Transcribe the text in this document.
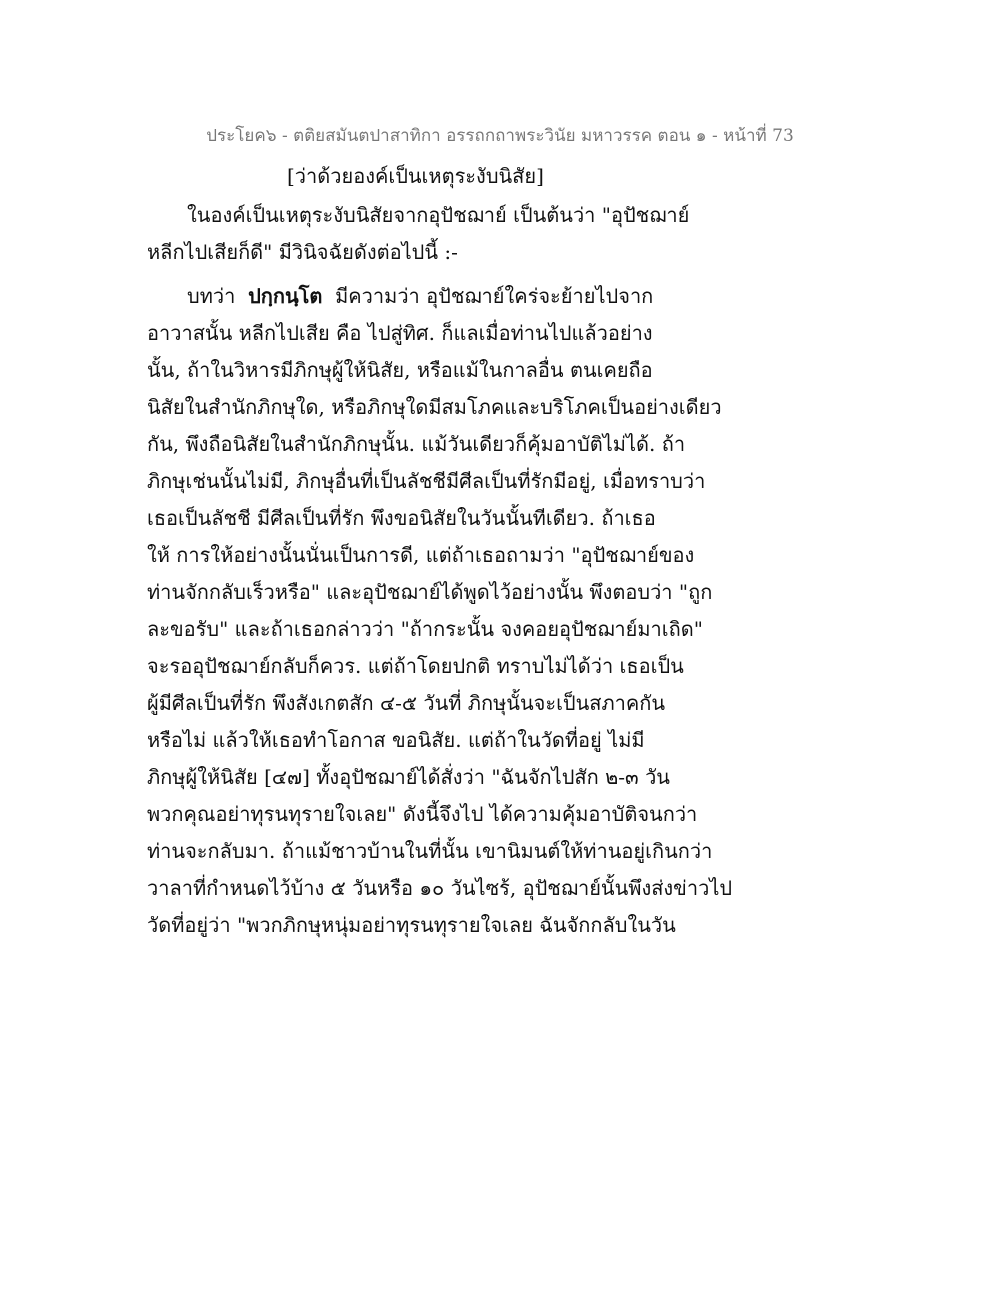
ประโยค๖ - ตติยสมันตปาสาทิกา อรรถกถาพระวินัย มหาวรรค ตอน ๑ - หน้าที่ 73
[ว่าด้วยองค์เป็นเหตุระงับนิสัย]
ในองค์เป็นเหตุระงับนิสัยจากอุปัชฌาย์ เป็นต้นว่า "อุปัชฌาย์
หลีกไปเสียก็ดี" มีวินิจฉัยดังต่อไปนี้ :-
บทว่า ปกฺกนฺโต มีความว่า อุปัชฌาย์ใคร่จะย้ายไปจาก
อาวาสนั้น หลีกไปเสีย คือ ไปสู่ทิศ. ก็แลเมื่อท่านไปแล้วอย่าง
นั้น, ถ้าในวิหารมีภิกษุผู้ให้นิสัย, หรือแม้ในกาลอื่น ตนเคยถือ
นิสัยในสำนักภิกษุใด, หรือภิกษุใดมีสมโภคและบริโภคเป็นอย่างเดียว
กัน, พึงถือนิสัยในสำนักภิกษุนั้น. แม้วันเดียวก็คุ้มอาบัติไม่ได้. ถ้า
ภิกษุเช่นนั้นไม่มี, ภิกษุอื่นที่เป็นลัชชีมีศีลเป็นที่รักมีอยู่, เมื่อทราบว่า
เธอเป็นลัชชี มีศีลเป็นที่รัก พึงขอนิสัยในวันนั้นทีเดียว. ถ้าเธอ
ให้ การให้อย่างนั้นนั่นเป็นการดี, แต่ถ้าเธอถามว่า "อุปัชฌาย์ของ
ท่านจักกลับเร็วหรือ" และอุปัชฌาย์ได้พูดไว้อย่างนั้น พึงตอบว่า "ถูก
ละขอรับ" และถ้าเธอกล่าวว่า "ถ้ากระนั้น จงคอยอุปัชฌาย์มาเถิด"
จะรออุปัชฌาย์กลับก็ควร. แต่ถ้าโดยปกติ ทราบไม่ได้ว่า เธอเป็น
ผู้มีศีลเป็นที่รัก พึงสังเกตสัก ๔-๕ วันที่ ภิกษุนั้นจะเป็นสภาคกัน
หรือไม่ แล้วให้เธอทำโอกาส ขอนิสัย. แต่ถ้าในวัดที่อยู่ ไม่มี
ภิกษุผู้ให้นิสัย [๔๗] ทั้งอุปัชฌาย์ได้สั่งว่า "ฉันจักไปสัก ๒-๓ วัน
พวกคุณอย่าทุรนทุรายใจเลย" ดังนี้จึงไป ได้ความคุ้มอาบัติจนกว่า
ท่านจะกลับมา. ถ้าแม้ชาวบ้านในที่นั้น เขานิมนต์ให้ท่านอยู่เกินกว่า
วาลาที่กำหนดไว้บ้าง ๕ วันหรือ ๑๐ วันไซร้, อุปัชฌาย์นั้นพึงส่งข่าวไป
วัดที่อยู่ว่า "พวกภิกษุหนุ่มอย่าทุรนทุรายใจเลย ฉันจักกลับในวัน
